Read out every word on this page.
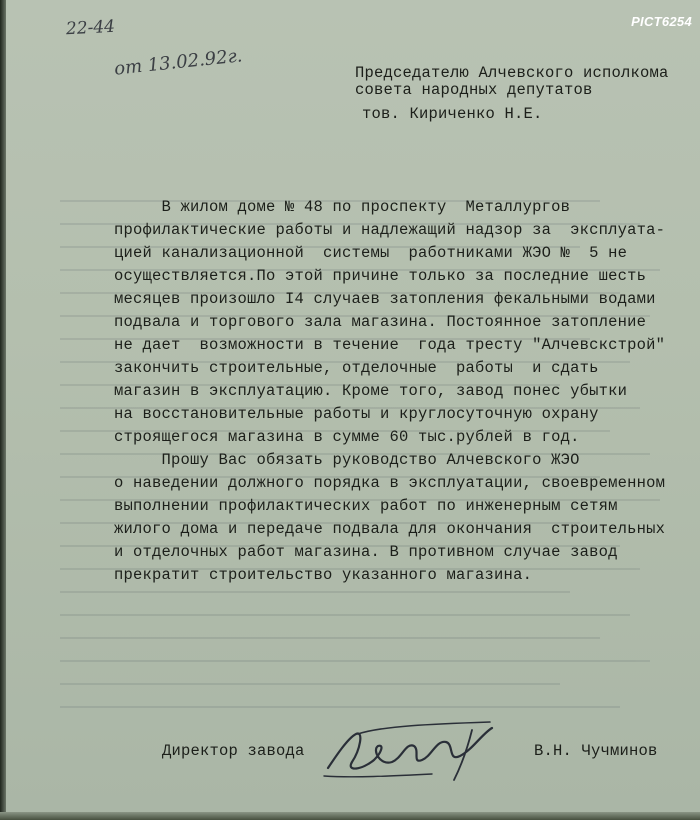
PICT6254
22-44
от 13.02.92г.	Председателю Алчевского исполкома
совета народных депутатов
тов. Кириченко Н.Е.
В жилом доме № 48 по проспекту  Металлургов
профилактические работы и надлежащий надзор за  эксплуата-
цией канализационной  системы  работниками ЖЭО №  5 не
осуществляется.По этой причине только за последние шесть
месяцев произошло I4 случаев затопления фекальными водами
подвала и торгового зала магазина. Постоянное затопление
не дает  возможности в течение  года тресту "Алчевскстрой"
закончить строительные, отделочные  работы  и сдать
магазин в эксплуатацию. Кроме того, завод понес убытки
на восстановительные работы и круглосуточную охрану
строящегося магазина в сумме 60 тыс.рублей в год.
Прошу Вас обязать руководство Алчевского ЖЭО
о наведении должного порядка в эксплуатации, своевременном
выполнении профилактических работ по инженерным сетям
жилого дома и передаче подвала для окончания  строительных
и отделочных работ магазина. В противном случае завод
прекратит строительство указанного магазина.
Директор завода	В.Н. Чучминов
